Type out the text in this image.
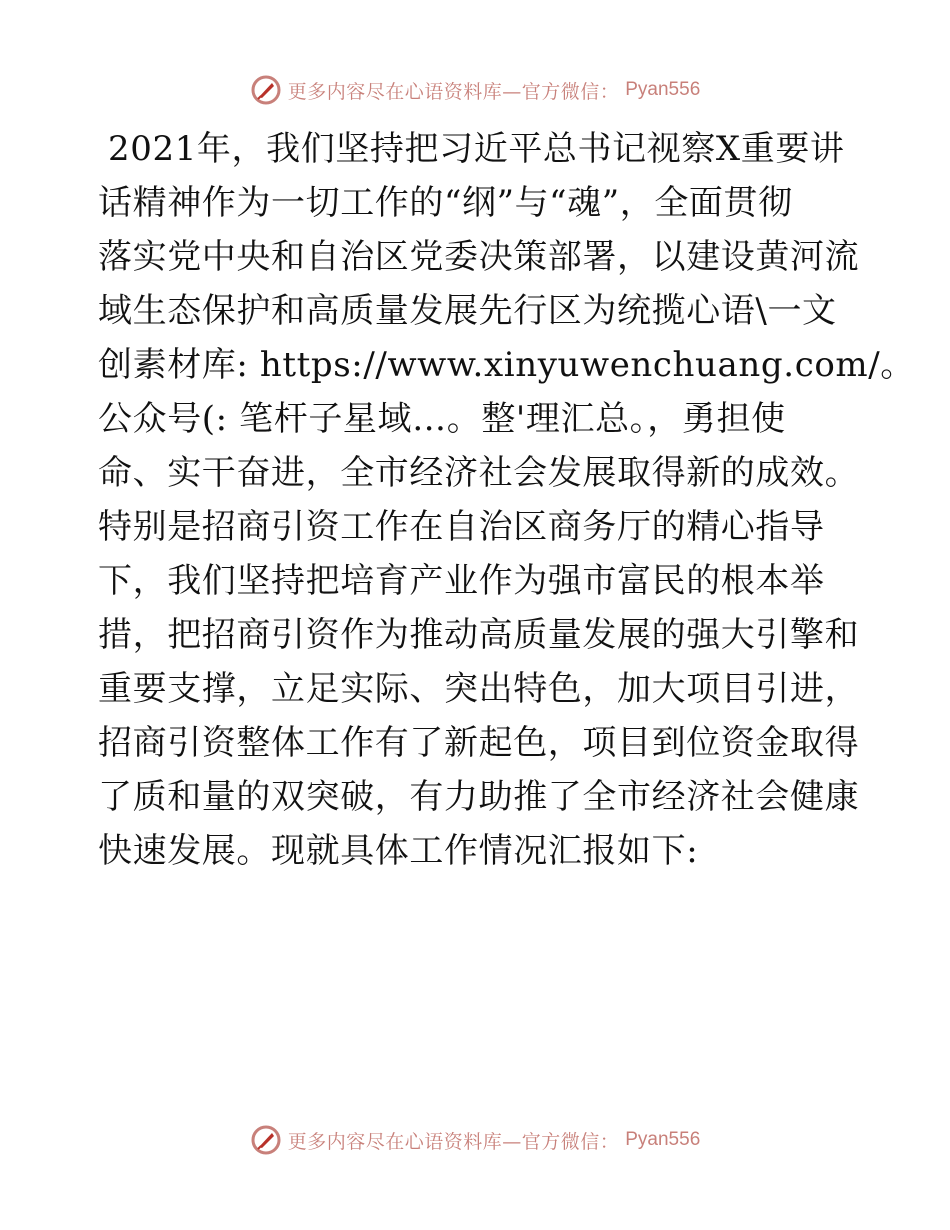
更多内容尽在心语资料库—官方微信： Pyan556
2021年，我们坚持把习近平总书记视察X重要讲
话精神作为一切工作的“纲”与“魂”，全面贯彻
落实党中央和自治区党委决策部署，以建设黄河流
域生态保护和高质量发展先行区为统揽心语\一文
创素材库: https://www.xinyuwenchuang.com/。
公众号(: 笔杆子星域…。整'理汇总。，勇担使
命、实干奋进，全市经济社会发展取得新的成效。
特别是招商引资工作在自治区商务厅的精心指导
下，我们坚持把培育产业作为强市富民的根本举
措，把招商引资作为推动高质量发展的强大引擎和
重要支撑，立足实际、突出特色，加大项目引进，
招商引资整体工作有了新起色，项目到位资金取得
了质和量的双突破，有力助推了全市经济社会健康
快速发展。现就具体工作情况汇报如下:
更多内容尽在心语资料库—官方微信： Pyan556
